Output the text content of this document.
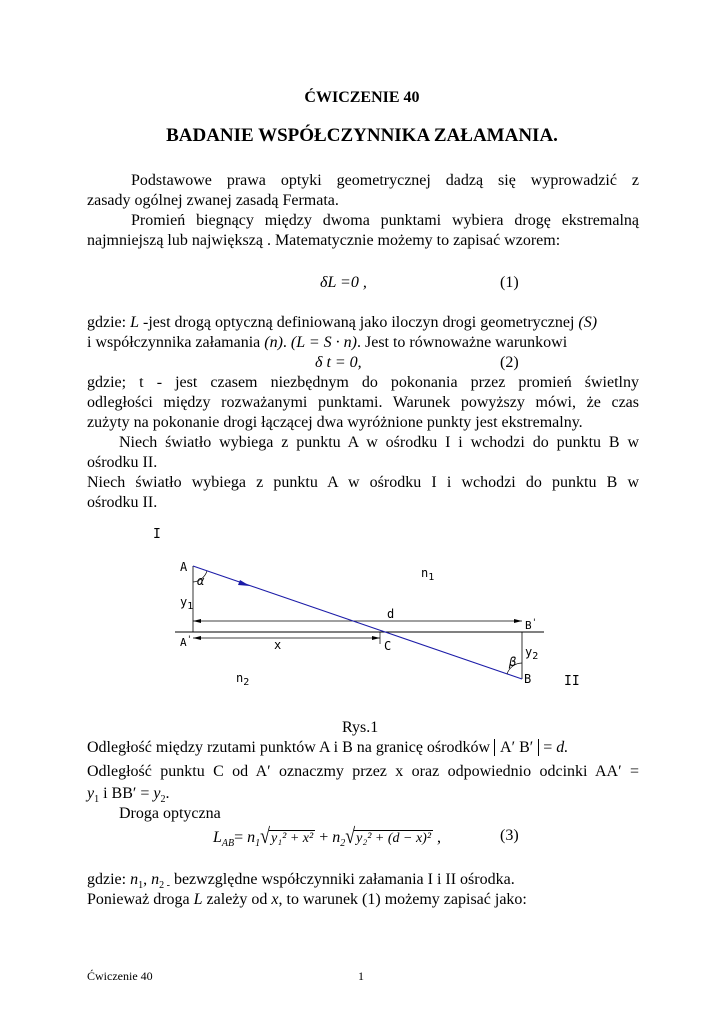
ĆWICZENIE 40
BADANIE WSPÓŁCZYNNIKA ZAŁAMANIA.
Podstawowe prawa optyki geometrycznej dadzą się wyprowadzić z
zasady ogólnej zwanej zasadą Fermata.
Promień biegnący między dwoma punktami wybiera drogę ekstremalną
najmniejszą lub największą . Matematycznie możemy to zapisać wzorem:
δL =0 ,	(1)
gdzie: L -jest drogą optyczną definiowaną jako iloczyn drogi geometrycznej (S)
i współczynnika załamania (n). (L = S · n). Jest to równoważne warunkowi
δ t = 0,	(2)
gdzie; t - jest czasem niezbędnym do pokonania przez promień świetlny
odległości między rozważanymi punktami. Warunek powyższy mówi, że czas
zużyty na pokonanie drogi łączącej dwa wyróżnione punkty jest ekstremalny.
Niech światło wybiega z punktu A w ośrodku I i wchodzi do punktu B w
ośrodku II.
Niech światło wybiega z punktu A w ośrodku I i wchodzi do punktu B w
ośrodku II.
I
II
A
α
$n_1$
$y_1$
d
B'
A'	x	C	$y_2$
β
B
$n_2$
Rys.1
Odległość między rzutami punktów A i B na granicę ośrodków A′ B′ = d.
Odległość punktu C od A′ oznaczmy przez x oraz odpowiednio odcinki AA′ =
$y_1$ i $BB' = y_2$.
Droga optyczna
$L_{AB}= n_1√y_1^2 + x^2 + n_2√y_2^2 + (d - x)^2$ ,	(3)
gdzie: $n_1$, $n_{2 -}$ bezwzględne współczynniki załamania I i II ośrodka.
Ponieważ droga L zależy od x, to warunek (1) możemy zapisać jako:
Ćwiczenie 40	1
